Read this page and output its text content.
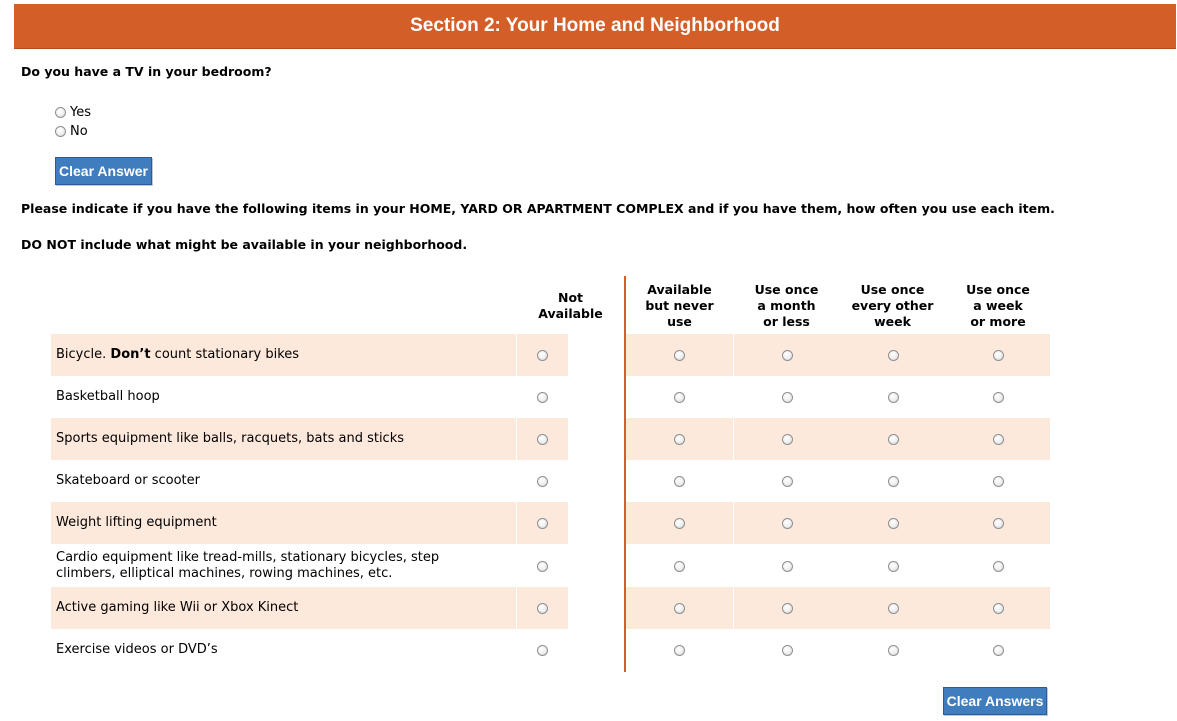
Section 2: Your Home and Neighborhood
Do you have a TV in your bedroom?
Yes
No
Clear Answer
Please indicate if you have the following items in your HOME, YARD OR APARTMENT COMPLEX and if you have them, how often you use each item.
DO NOT include what might be available in your neighborhood.
Not
Available
Available
but never
use
Use once
a month
or less
Use once
every other
week
Use once
a week
or more
Bicycle. Don’t count stationary bikes
Basketball hoop
Sports equipment like balls, racquets, bats and sticks
Skateboard or scooter
Weight lifting equipment
Cardio equipment like tread-mills, stationary bicycles, step
climbers, elliptical machines, rowing machines, etc.
Active gaming like Wii or Xbox Kinect
Exercise videos or DVD’s
Clear Answers
